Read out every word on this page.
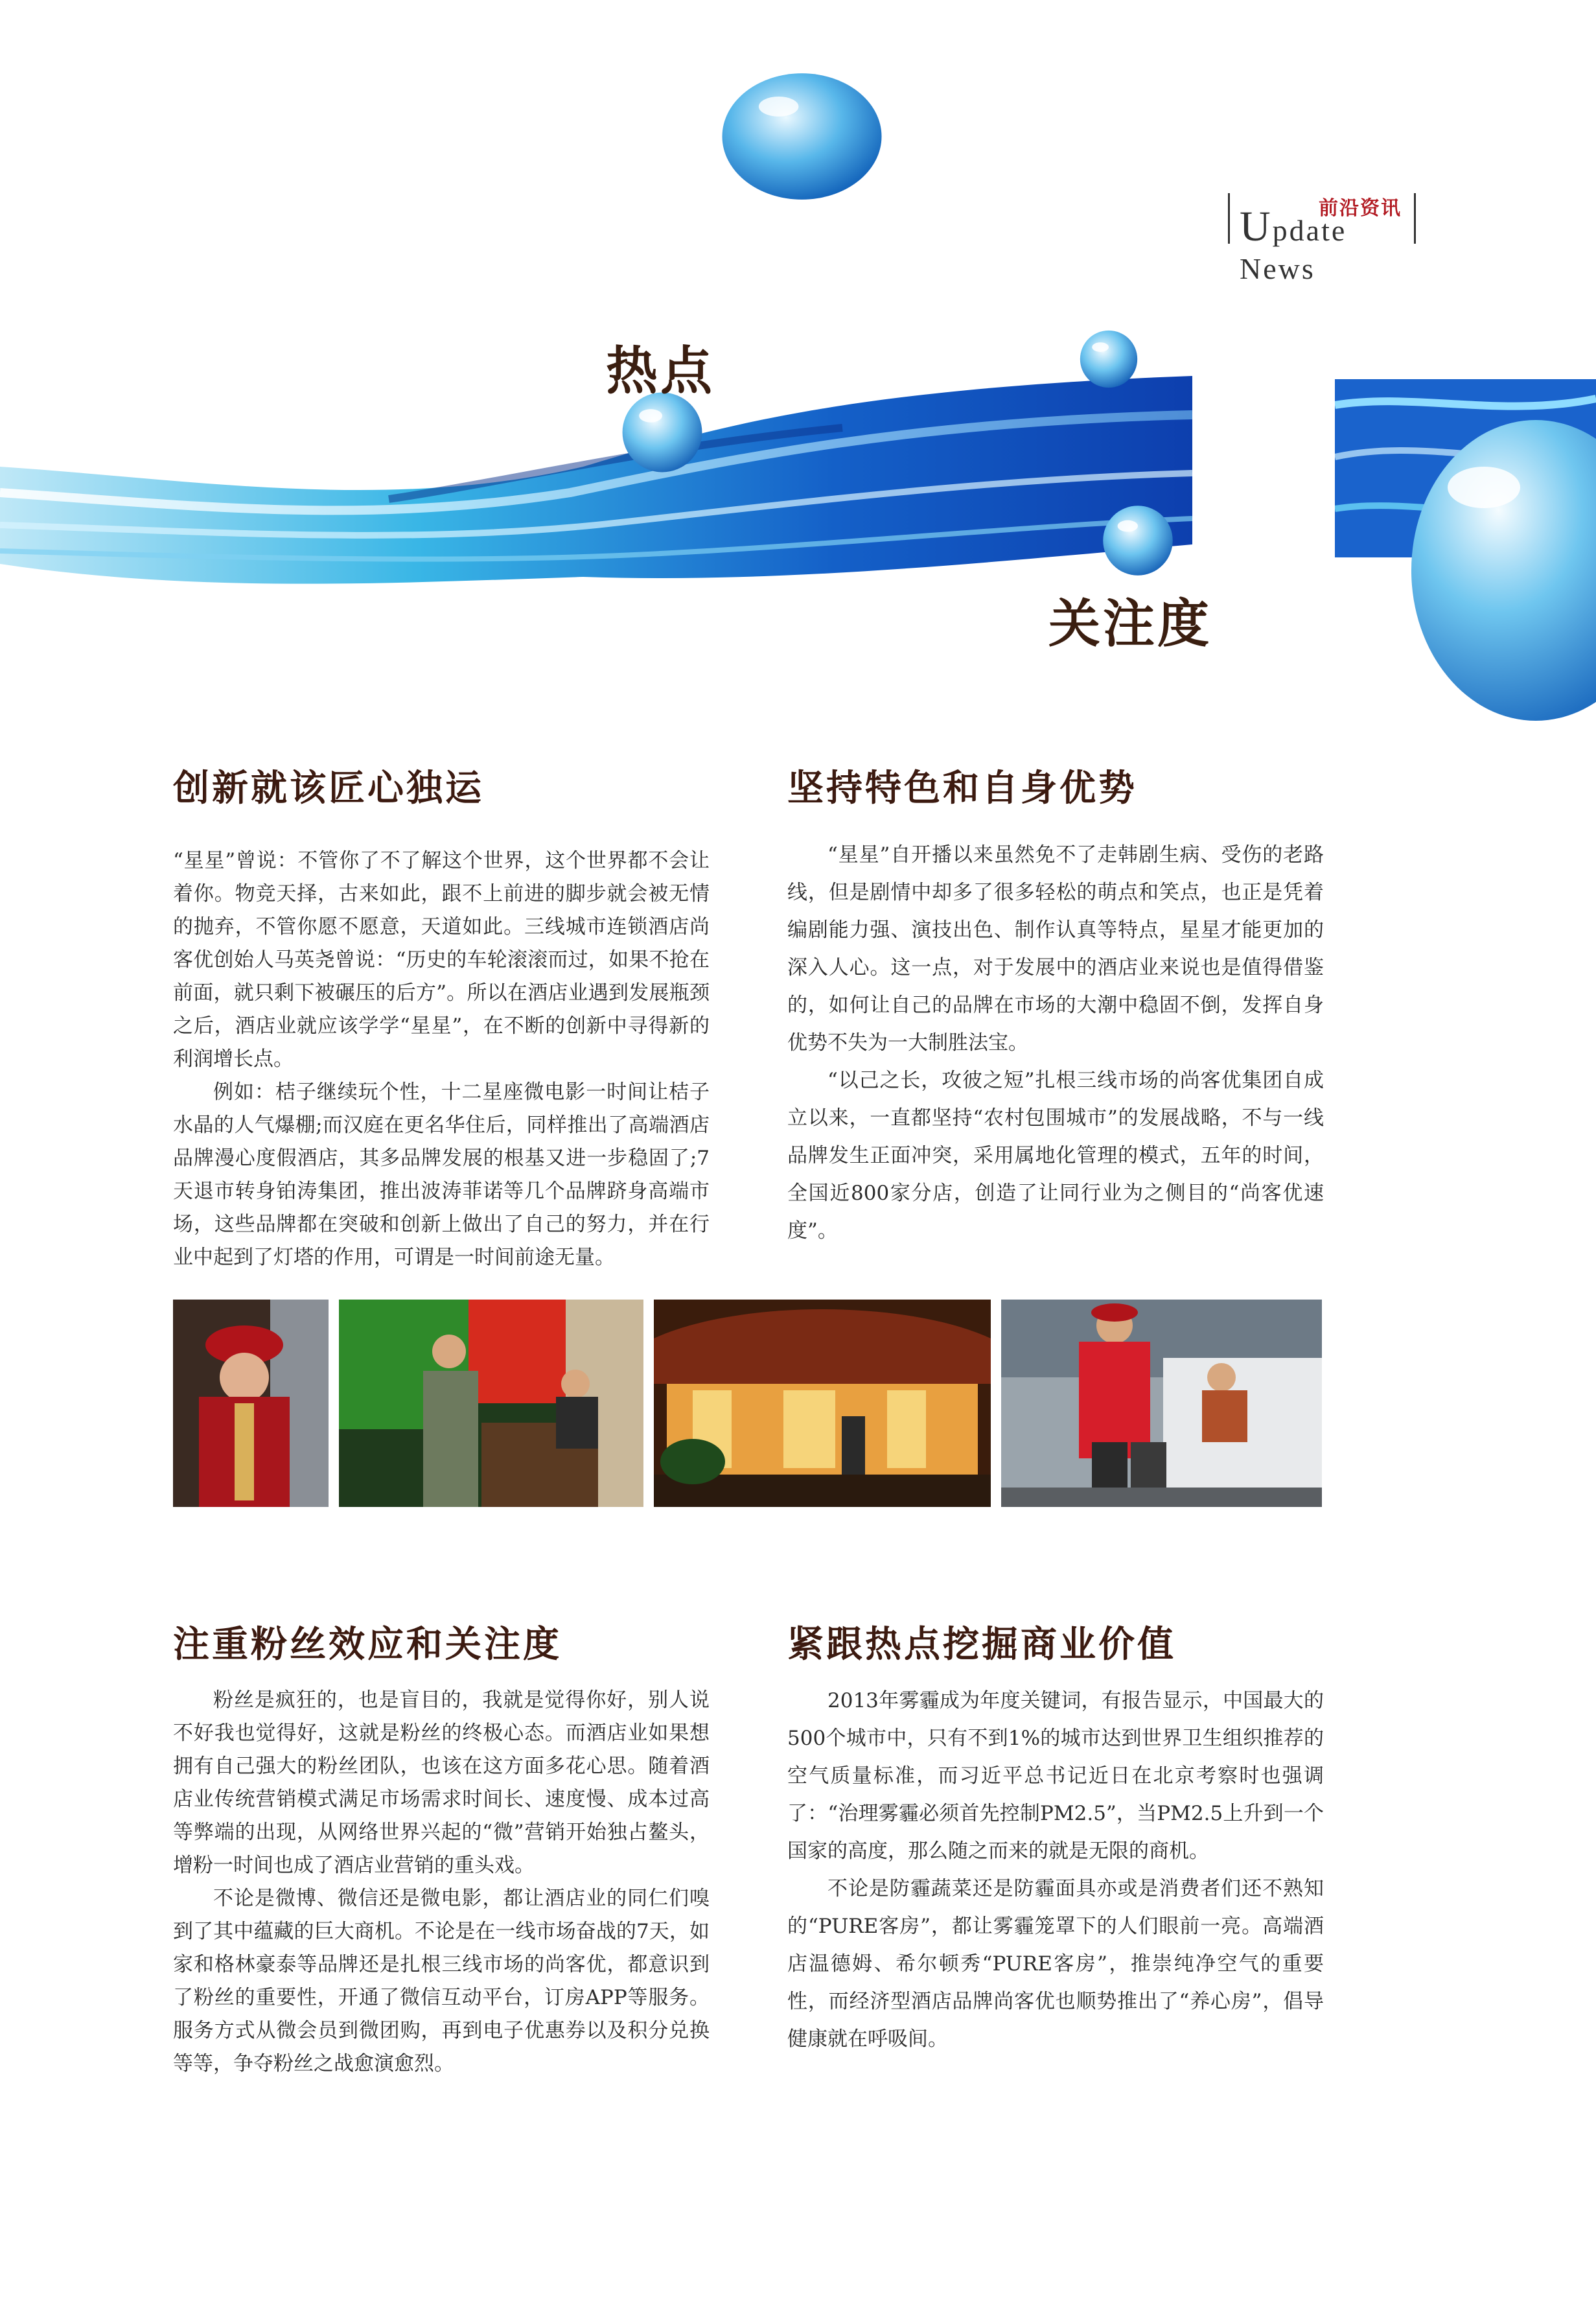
前沿资讯
Update News
热点
关注度
创新就该匠心独运

“星星”曾说：不管你了不了解这个世界，这个世界都不会让着你。物竞天择，古来如此，跟不上前进的脚步就会被无情的抛弃，不管你愿不愿意，天道如此。三线城市连锁酒店尚客优创始人马英尧曾说：“历史的车轮滚滚而过，如果不抢在前面，就只剩下被碾压的后方”。所以在酒店业遇到发展瓶颈之后，酒店业就应该学学“星星”，在不断的创新中寻得新的利润增长点。

例如：桔子继续玩个性，十二星座微电影一时间让桔子水晶的人气爆棚;而汉庭在更名华住后，同样推出了高端酒店品牌漫心度假酒店，其多品牌发展的根基又进一步稳固了;7天退市转身铂涛集团，推出波涛菲诺等几个品牌跻身高端市场，这些品牌都在突破和创新上做出了自己的努力，并在行业中起到了灯塔的作用，可谓是一时间前途无量。

坚持特色和自身优势

“星星”自开播以来虽然免不了走韩剧生病、受伤的老路线，但是剧情中却多了很多轻松的萌点和笑点，也正是凭着编剧能力强、演技出色、制作认真等特点，星星才能更加的深入人心。这一点，对于发展中的酒店业来说也是值得借鉴的，如何让自己的品牌在市场的大潮中稳固不倒，发挥自身优势不失为一大制胜法宝。

“以己之长，攻彼之短”扎根三线市场的尚客优集团自成立以来，一直都坚持“农村包围城市”的发展战略，不与一线品牌发生正面冲突，采用属地化管理的模式，五年的时间，全国近800家分店，创造了让同行业为之侧目的“尚客优速度”。

注重粉丝效应和关注度

粉丝是疯狂的，也是盲目的，我就是觉得你好，别人说不好我也觉得好，这就是粉丝的终极心态。而酒店业如果想拥有自己强大的粉丝团队，也该在这方面多花心思。随着酒店业传统营销模式满足市场需求时间长、速度慢、成本过高等弊端的出现，从网络世界兴起的“微”营销开始独占鳌头，增粉一时间也成了酒店业营销的重头戏。

不论是微博、微信还是微电影，都让酒店业的同仁们嗅到了其中蕴藏的巨大商机。不论是在一线市场奋战的7天，如家和格林豪泰等品牌还是扎根三线市场的尚客优，都意识到了粉丝的重要性，开通了微信互动平台，订房APP等服务。服务方式从微会员到微团购，再到电子优惠券以及积分兑换等等，争夺粉丝之战愈演愈烈。

紧跟热点挖掘商业价值

2013年雾霾成为年度关键词，有报告显示，中国最大的500个城市中，只有不到1%的城市达到世界卫生组织推荐的空气质量标准，而习近平总书记近日在北京考察时也强调了：“治理雾霾必须首先控制PM2.5”，当PM2.5上升到一个国家的高度，那么随之而来的就是无限的商机。

不论是防霾蔬菜还是防霾面具亦或是消费者们还不熟知的“PURE客房”，都让雾霾笼罩下的人们眼前一亮。高端酒店温德姆、希尔顿秀“PURE客房”，推崇纯净空气的重要性，而经济型酒店品牌尚客优也顺势推出了“养心房”，倡导健康就在呼吸间。
